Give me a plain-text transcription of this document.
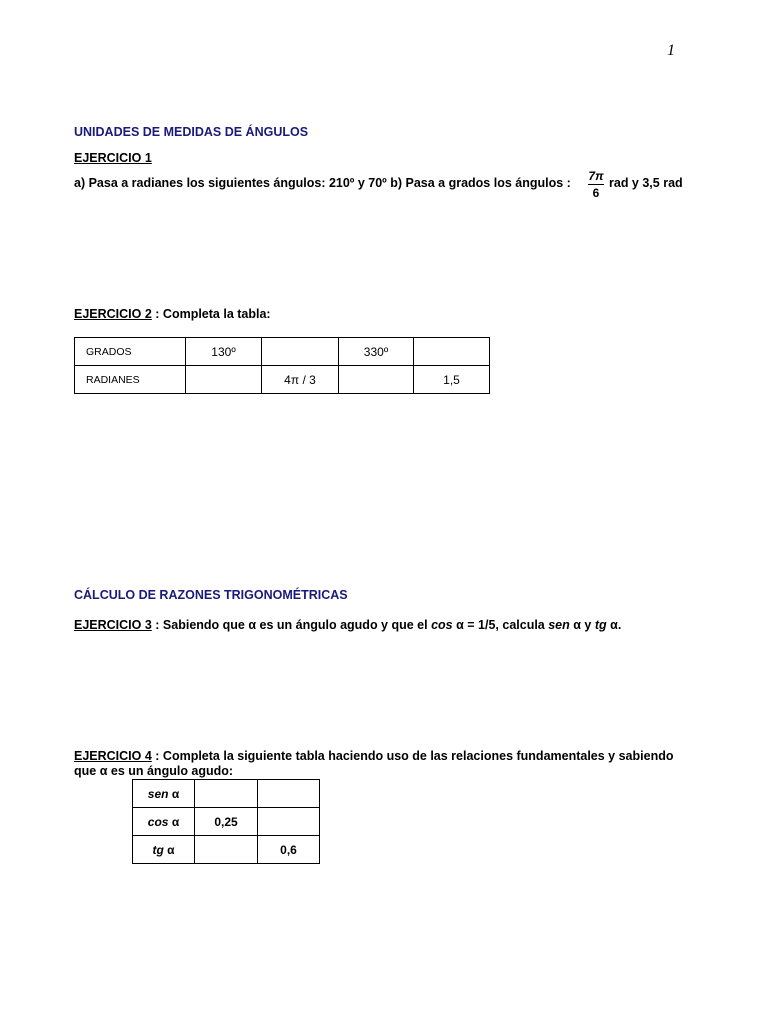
1
UNIDADES DE MEDIDAS DE ÁNGULOS
EJERCICIO 1
a) Pasa a radianes los siguientes ángulos: 210º y 70º b) Pasa a grados los ángulos : 7π
6
rad y 3,5 rad
EJERCICIO 2 : Completa la tabla:
GRADOS	130º		330º	
RADIANES		4π / 3		1,5
CÁLCULO DE RAZONES TRIGONOMÉTRICAS
EJERCICIO 3 : Sabiendo que α es un ángulo agudo y que el cos α = 1/5, calcula sen α y tg α.
EJERCICIO 4 : Completa la siguiente tabla haciendo uso de las relaciones fundamentales y sabiendo
que α es un ángulo agudo:
sen α		
cos α	0,25	
tg α		0,6
